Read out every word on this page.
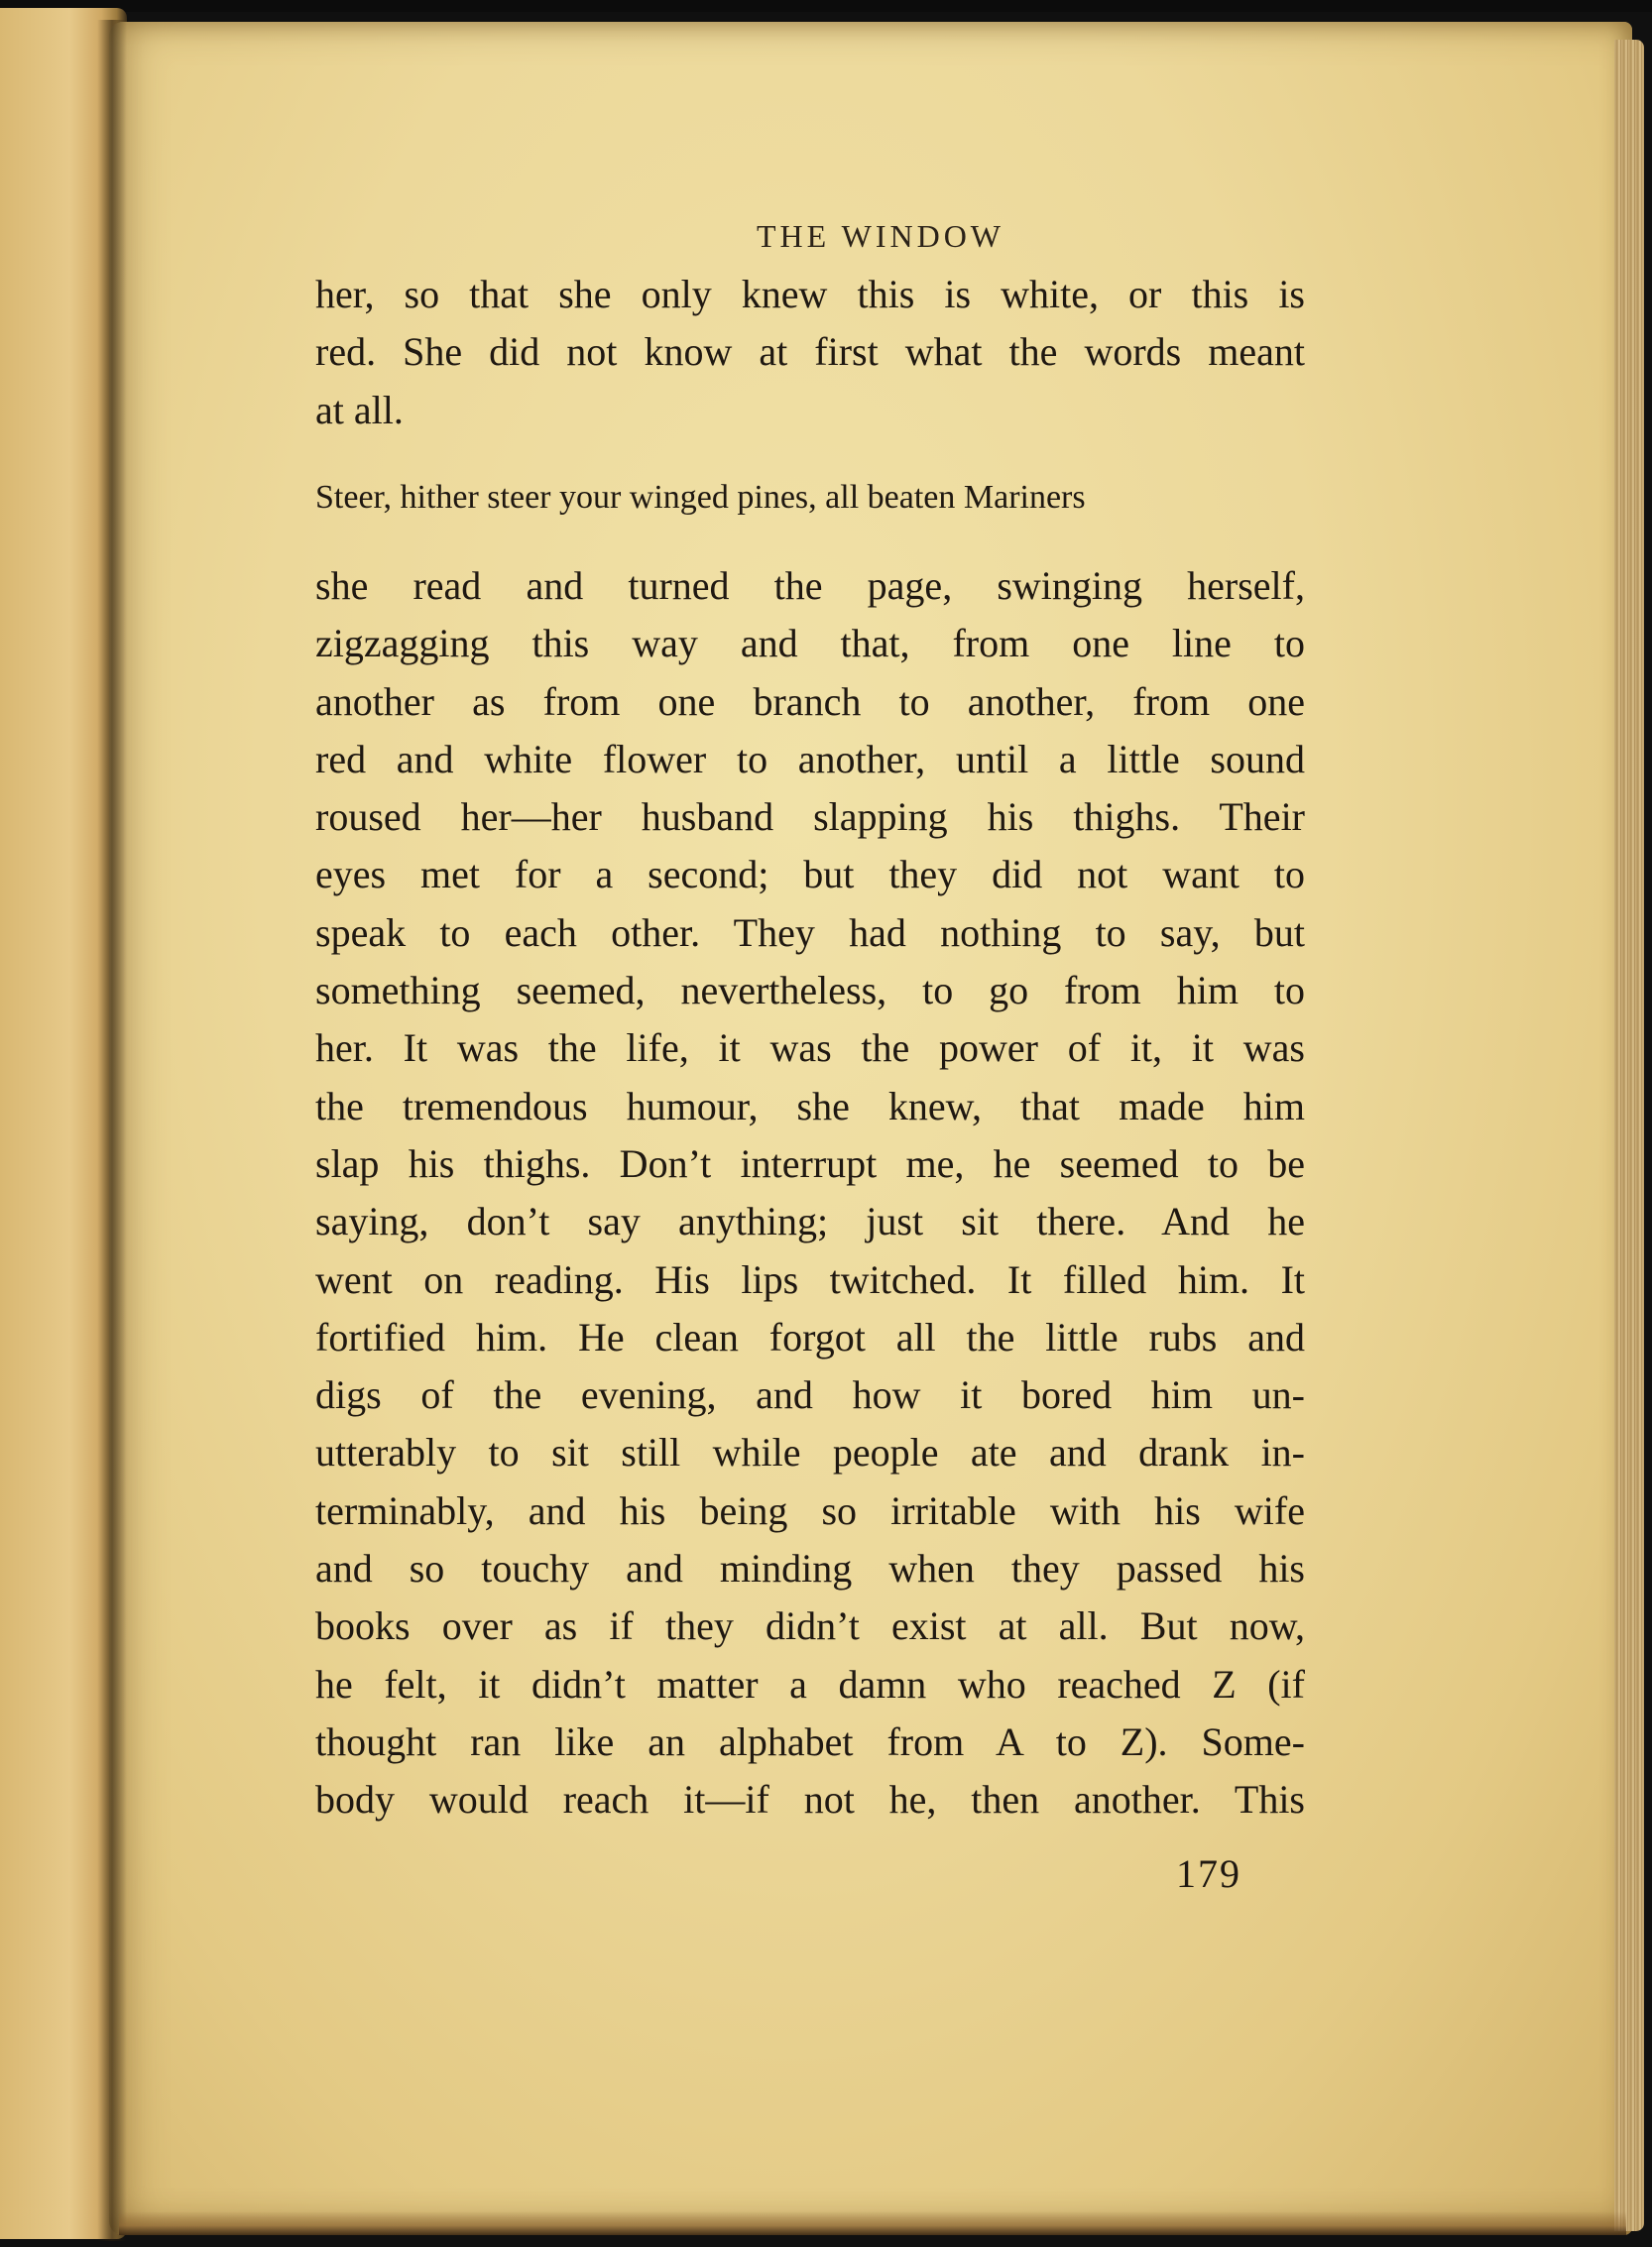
THE WINDOW

her, so that she only knew this is white, or this is
red. She did not know at first what the words meant
at all.

Steer, hither steer your winged pines, all beaten Mariners

she read and turned the page, swinging herself,
zigzagging this way and that, from one line to
another as from one branch to another, from one
red and white flower to another, until a little sound
roused her—her husband slapping his thighs. Their
eyes met for a second; but they did not want to
speak to each other. They had nothing to say, but
something seemed, nevertheless, to go from him to
her. It was the life, it was the power of it, it was
the tremendous humour, she knew, that made him
slap his thighs. Don’t interrupt me, he seemed to be
saying, don’t say anything; just sit there. And he
went on reading. His lips twitched. It filled him. It
fortified him. He clean forgot all the little rubs and
digs of the evening, and how it bored him un-
utterably to sit still while people ate and drank in-
terminably, and his being so irritable with his wife
and so touchy and minding when they passed his
books over as if they didn’t exist at all. But now,
he felt, it didn’t matter a damn who reached Z (if
thought ran like an alphabet from A to Z). Some-
body would reach it—if not he, then another. This

179
